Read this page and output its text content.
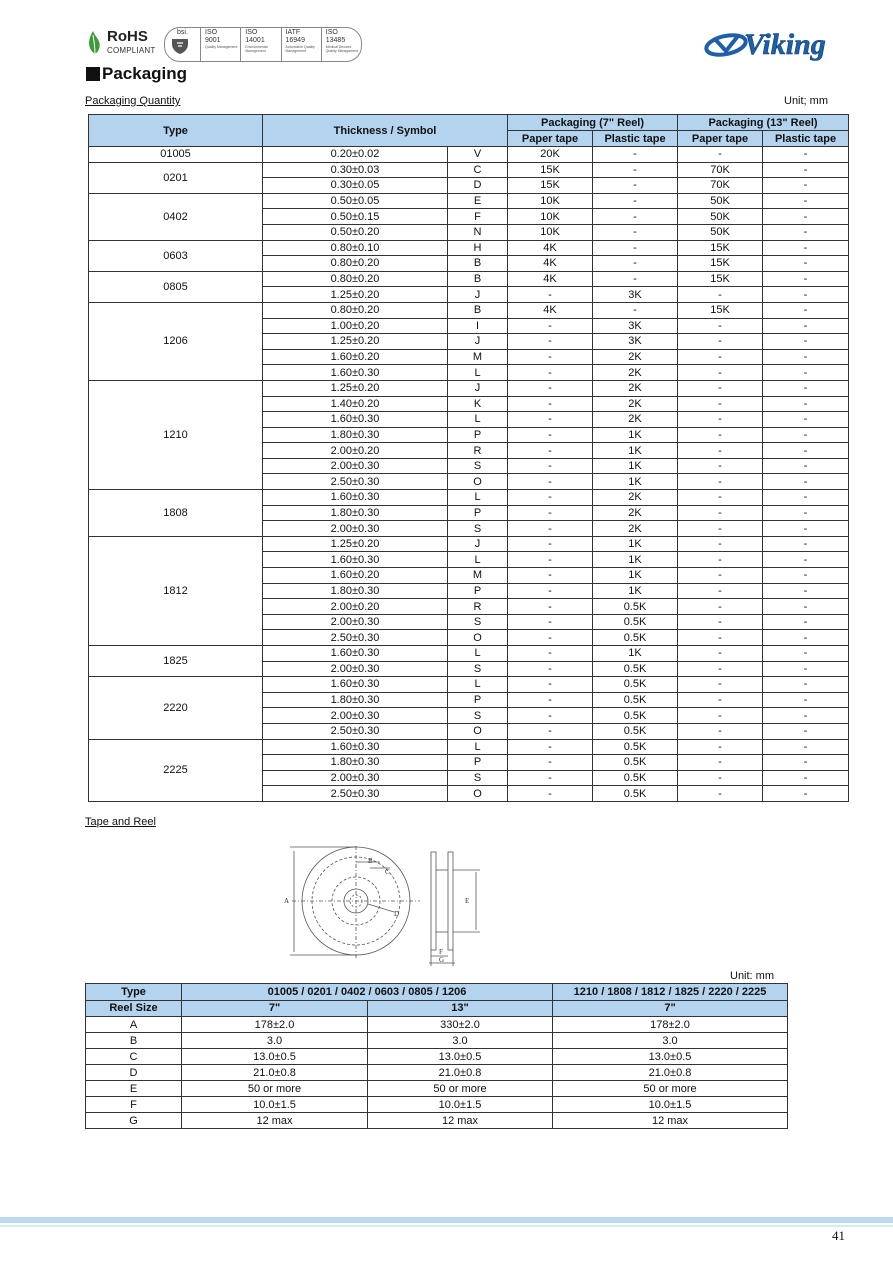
RoHS
COMPLIANT
bsi.	ISO
9001
Quality Management
ISO
14001
Environmental Management
IATF
16949
Automotive Quality Management
ISO
13485
Medical Devices Quality Management	Viking
Packaging
Packaging Quantity	Unit; mm
Type	Thickness / Symbol		Packaging (7" Reel)		Packaging (13" Reel)	
			Paper tape	Plastic tape	Paper tape	Plastic tape
01005	0.20±0.02	V	20K	-	-	-
0201	0.30±0.03	C	15K	-	70K	-
	0.30±0.05	D	15K	-	70K	-
0402	0.50±0.05	E	10K	-	50K	-
	0.50±0.15	F	10K	-	50K	-
	0.50±0.20	N	10K	-	50K	-
0603	0.80±0.10	H	4K	-	15K	-
	0.80±0.20	B	4K	-	15K	-
0805	0.80±0.20	B	4K	-	15K	-
	1.25±0.20	J	-	3K	-	-
1206	0.80±0.20	B	4K	-	15K	-
	1.00±0.20	I	-	3K	-	-
	1.25±0.20	J	-	3K	-	-
	1.60±0.20	M	-	2K	-	-
	1.60±0.30	L	-	2K	-	-
1210	1.25±0.20	J	-	2K	-	-
	1.40±0.20	K	-	2K	-	-
	1.60±0.30	L	-	2K	-	-
	1.80±0.30	P	-	1K	-	-
	2.00±0.20	R	-	1K	-	-
	2.00±0.30	S	-	1K	-	-
	2.50±0.30	O	-	1K	-	-
1808	1.60±0.30	L	-	2K	-	-
	1.80±0.30	P	-	2K	-	-
	2.00±0.30	S	-	2K	-	-
1812	1.25±0.20	J	-	1K	-	-
	1.60±0.30	L	-	1K	-	-
	1.60±0.20	M	-	1K	-	-
	1.80±0.30	P	-	1K	-	-
	2.00±0.20	R	-	0.5K	-	-
	2.00±0.30	S	-	0.5K	-	-
	2.50±0.30	O	-	0.5K	-	-
1825	1.60±0.30	L	-	1K	-	-
	2.00±0.30	S	-	0.5K	-	-
2220	1.60±0.30	L	-	0.5K	-	-
	1.80±0.30	P	-	0.5K	-	-
	2.00±0.30	S	-	0.5K	-	-
	2.50±0.30	O	-	0.5K	-	-
2225	1.60±0.30	L	-	0.5K	-	-
	1.80±0.30	P	-	0.5K	-	-
	2.00±0.30	S	-	0.5K	-	-
	2.50±0.30	O	-	0.5K	-	-
Tape and Reel
A
B
C
D
E
F
G
Unit: mm
Type	01005 / 0201 / 0402 / 0603 / 0805 / 1206		1210 / 1808 / 1812 / 1825 / 2220 / 2225
Reel Size	7"	13"	7"
A	178±2.0	330±2.0	178±2.0
B	3.0	3.0	3.0
C	13.0±0.5	13.0±0.5	13.0±0.5
D	21.0±0.8	21.0±0.8	21.0±0.8
E	50 or more	50 or more	50 or more
F	10.0±1.5	10.0±1.5	10.0±1.5
G	12 max	12 max	12 max
41
